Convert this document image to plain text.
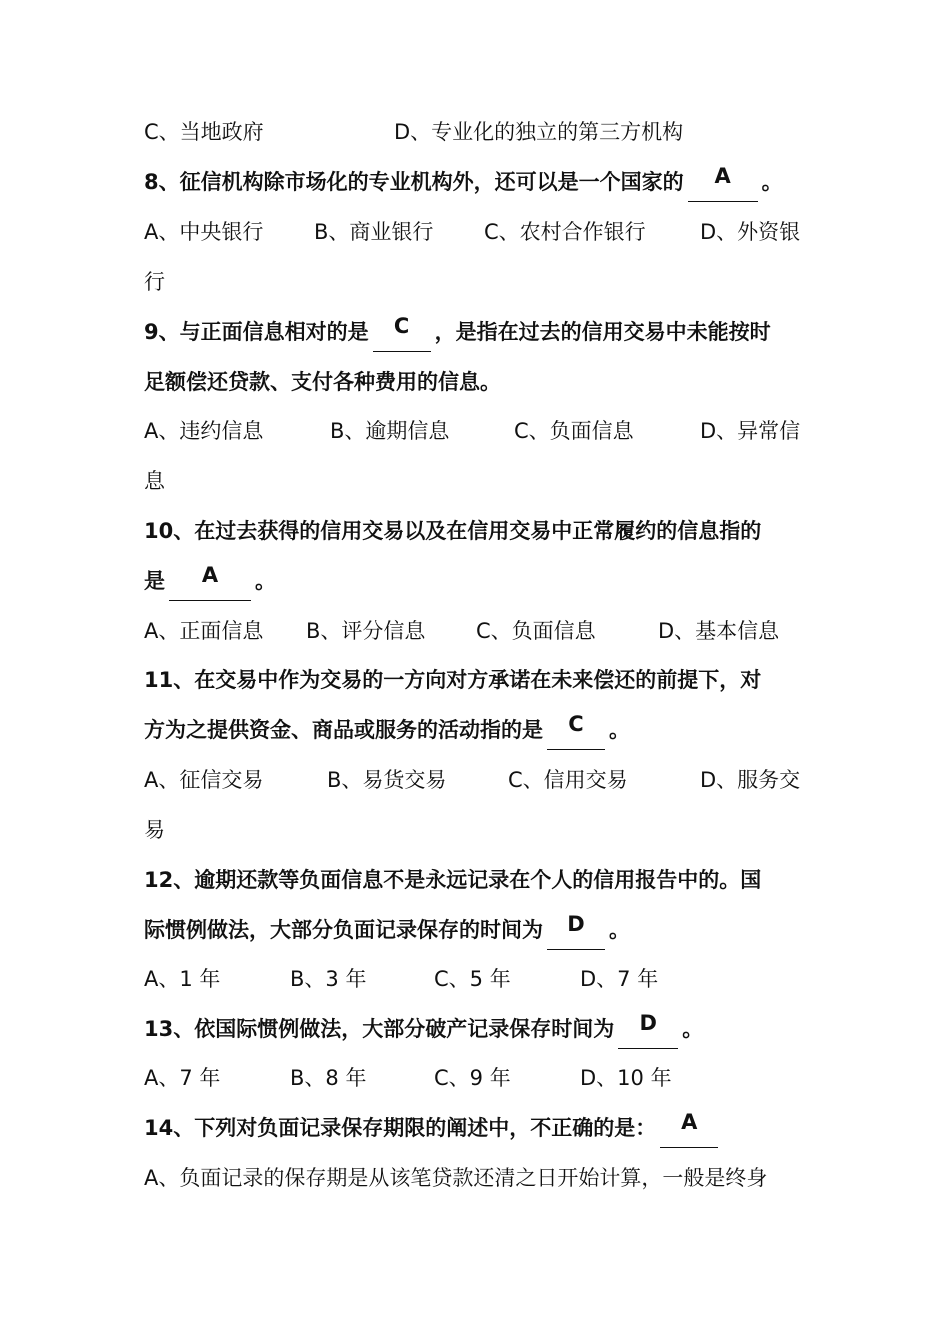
C、当地政府	D、专业化的独立的第三方机构
8、征信机构除市场化的专业机构外，还可以是一个国家的 A 。
A、中央银行 B、商业银行 C、农村合作银行	D、外资银
行
9、与正面信息相对的是 C ，是指在过去的信用交易中未能按时
足额偿还贷款、支付各种费用的信息。
A、违约信息	B、逾期信息	C、负面信息	D、异常信
息
10、在过去获得的信用交易以及在信用交易中正常履约的信息指的
是 A 。
A、正面信息 B、评分信息 C、负面信息	D、基本信息
11、在交易中作为交易的一方向对方承诺在未来偿还的前提下，对
方为之提供资金、商品或服务的活动指的是 C 。
A、征信交易	B、易货交易	C、信用交易	D、服务交
易
12、逾期还款等负面信息不是永远记录在个人的信用报告中的。国
际惯例做法，大部分负面记录保存的时间为 D 。
A、1 年	B、3 年	C、5 年	D、7 年
13、依国际惯例做法，大部分破产记录保存时间为 D 。
A、7 年	B、8 年	C、9 年	D、10 年
14、下列对负面记录保存期限的阐述中，不正确的是： A
A、负面记录的保存期是从该笔贷款还清之日开始计算，一般是终身
